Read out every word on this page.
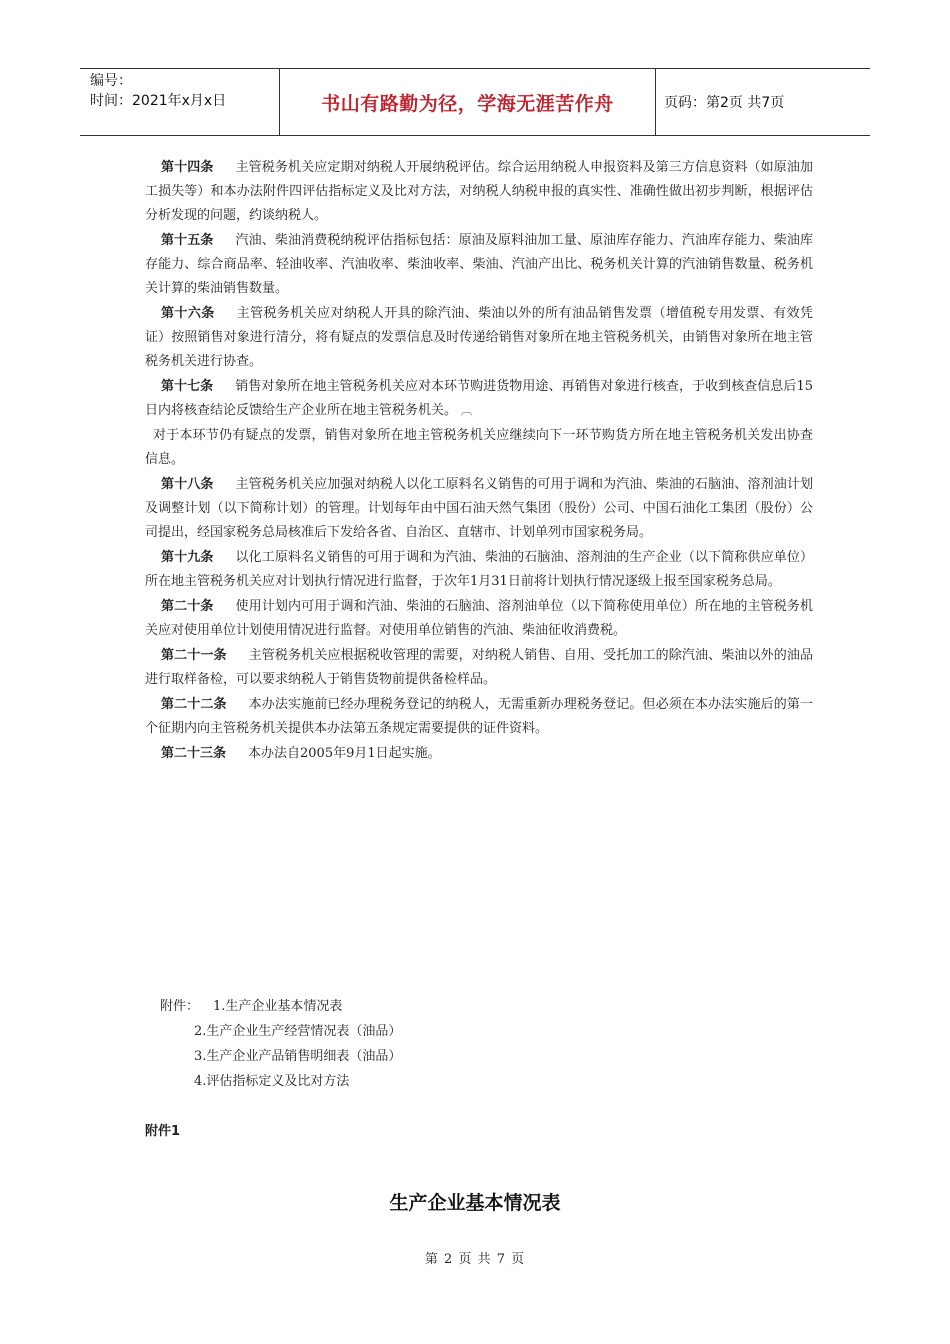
编号：
时间：2021年x月x日	书山有路勤为径，学海无涯苦作舟	页码：第2页 共7页

第十四条 主管税务机关应定期对纳税人开展纳税评估。综合运用纳税人申报资料及第三方信息资料（如原油加工损失等）和本办法附件四评估指标定义及比对方法，对纳税人纳税申报的真实性、准确性做出初步判断，根据评估分析发现的问题，约谈纳税人。

第十五条 汽油、柴油消费税纳税评估指标包括：原油及原料油加工量、原油库存能力、汽油库存能力、柴油库存能力、综合商品率、轻油收率、汽油收率、柴油收率、柴油、汽油产出比、税务机关计算的汽油销售数量、税务机关计算的柴油销售数量。

第十六条 主管税务机关应对纳税人开具的除汽油、柴油以外的所有油品销售发票（增值税专用发票、有效凭证）按照销售对象进行清分，将有疑点的发票信息及时传递给销售对象所在地主管税务机关，由销售对象所在地主管税务机关进行协查。

第十七条 销售对象所在地主管税务机关应对本环节购进货物用途、再销售对象进行核查，于收到核查信息后15日内将核查结论反馈给生产企业所在地主管税务机关。 ︹

对于本环节仍有疑点的发票，销售对象所在地主管税务机关应继续向下一环节购货方所在地主管税务机关发出协查信息。

第十八条 主管税务机关应加强对纳税人以化工原料名义销售的可用于调和为汽油、柴油的石脑油、溶剂油计划及调整计划（以下简称计划）的管理。计划每年由中国石油天然气集团（股份）公司、中国石油化工集团（股份）公司提出，经国家税务总局核准后下发给各省、自治区、直辖市、计划单列市国家税务局。

第十九条 以化工原料名义销售的可用于调和为汽油、柴油的石脑油、溶剂油的生产企业（以下简称供应单位）所在地主管税务机关应对计划执行情况进行监督，于次年1月31日前将计划执行情况逐级上报至国家税务总局。

第二十条 使用计划内可用于调和汽油、柴油的石脑油、溶剂油单位（以下简称使用单位）所在地的主管税务机关应对使用单位计划使用情况进行监督。对使用单位销售的汽油、柴油征收消费税。

第二十一条 主管税务机关应根据税收管理的需要，对纳税人销售、自用、受托加工的除汽油、柴油以外的油品进行取样备检，可以要求纳税人于销售货物前提供备检样品。

第二十二条 本办法实施前已经办理税务登记的纳税人，无需重新办理税务登记。但必须在本办法实施后的第一个征期内向主管税务机关提供本办法第五条规定需要提供的证件资料。

第二十三条 本办法自2005年9月1日起实施。

附件： 1.生产企业基本情况表
2.生产企业生产经营情况表（油品）
3.生产企业产品销售明细表（油品）
4.评估指标定义及比对方法
附件1
生产企业基本情况表
第 2 页 共 7 页
